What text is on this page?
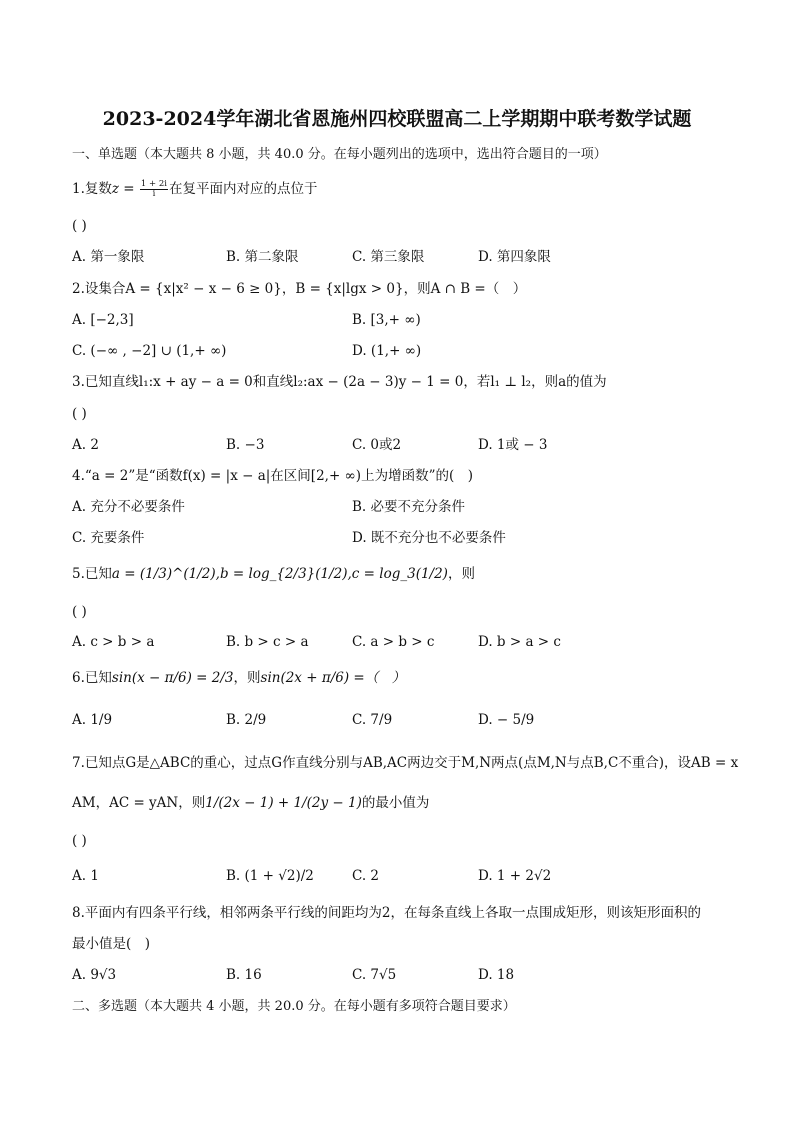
2023-2024学年湖北省恩施州四校联盟高二上学期期中联考数学试题
一、单选题（本大题共 8 小题，共 40.0 分。在每小题列出的选项中，选出符合题目的一项）
1.复数$z = \frac{1 + 2i}{i}$ 在复平面内对应的点位于
( )
A. 第一象限	B. 第二象限	C. 第三象限	D. 第四象限
2.设集合A = {x|x² − x − 6 ≥ 0}，B = {x|lgx > 0}，则A ∩ B =（　）
A. [−2,3]	B. [3,+ ∞)
C. (−∞ , −2] ∪ (1,+ ∞)	D. (1,+ ∞)
3.已知直线l₁:x + ay − a = 0和直线l₂:ax − (2a − 3)y − 1 = 0，若l₁ ⊥ l₂，则a的值为
( )
A. 2	B. −3	C. 0或2	D. 1或 − 3
4.“a = 2”是“函数f(x) = |x − a|在区间[2,+ ∞)上为增函数”的(　)
A. 充分不必要条件	B. 必要不充分条件
C. 充要条件	D. 既不充分也不必要条件
5.已知a = (1/3)^(1/2),b = log_{2/3}(1/2),c = log_3(1/2)，则
( )
A. c > b > a	B. b > c > a	C. a > b > c	D. b > a > c
6.已知sin(x − π/6) = 2/3，则sin(2x + π/6) =（　）
A. 1/9	B. 2/9	C. 7/9	D. − 5/9
7.已知点G是△ABC的重心，过点G作直线分别与AB,AC两边交于M,N两点(点M,N与点B,C不重合)，设AB = x
AM，AC = yAN，则1/(2x − 1) + 1/(2y − 1)的最小值为
( )
A. 1	B. (1 + √2)/2	C. 2	D. 1 + 2√2
8.平面内有四条平行线，相邻两条平行线的间距均为2，在每条直线上各取一点围成矩形，则该矩形面积的
最小值是(　)
A. 9√3	B. 16	C. 7√5	D. 18
二、多选题（本大题共 4 小题，共 20.0 分。在每小题有多项符合题目要求）
